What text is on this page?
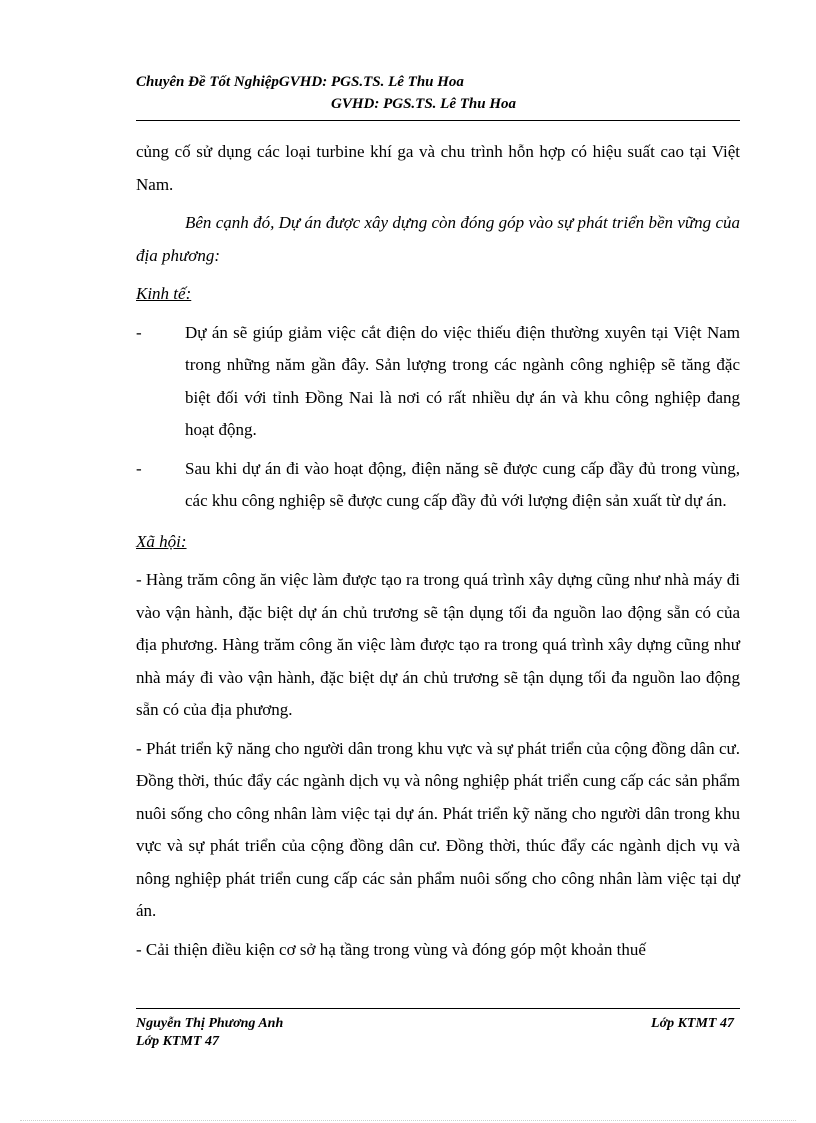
Chuyên Đề Tốt NghiệpGVHD: PGS.TS. Lê Thu Hoa
GVHD: PGS.TS. Lê Thu Hoa

củng cố sử dụng các loại turbine khí ga và chu trình hỗn hợp có hiệu suất cao tại Việt Nam.

Bên cạnh đó, Dự án được xây dựng còn đóng góp vào sự phát triển bền vững của địa phương:

Kinh tế:

-	Dự án sẽ giúp giảm việc cắt điện do việc thiếu điện thường xuyên tại Việt Nam trong những năm gần đây. Sản lượng trong các ngành công nghiệp sẽ tăng đặc biệt đối với tỉnh Đồng Nai là nơi có rất nhiều dự án và khu công nghiệp đang hoạt động.
-	Sau khi dự án đi vào hoạt động, điện năng sẽ được cung cấp đầy đủ trong vùng, các khu công nghiệp sẽ được cung cấp đầy đủ với lượng điện sản xuất từ dự án.

Xã hội:

- Hàng trăm công ăn việc làm được tạo ra trong quá trình xây dựng cũng như nhà máy đi vào vận hành, đặc biệt dự án chủ trương sẽ tận dụng tối đa nguồn lao động sẵn có của địa phương. Hàng trăm công ăn việc làm được tạo ra trong quá trình xây dựng cũng như nhà máy đi vào vận hành, đặc biệt dự án chủ trương sẽ tận dụng tối đa nguồn lao động sẵn có của địa phương.

- Phát triển kỹ năng cho người dân trong khu vực và sự phát triển của cộng đồng dân cư. Đồng thời, thúc đẩy các ngành dịch vụ và nông nghiệp phát triển cung cấp các sản phẩm nuôi sống cho công nhân làm việc tại dự án. Phát triển kỹ năng cho người dân trong khu vực và sự phát triển của cộng đồng dân cư. Đồng thời, thúc đẩy các ngành dịch vụ và nông nghiệp phát triển cung cấp các sản phẩm nuôi sống cho công nhân làm việc tại dự án.

- Cải thiện điều kiện cơ sở hạ tầng trong vùng và đóng góp một khoản thuế

Nguyễn Thị Phương Anh
Lớp KTMT 47
Lớp KTMT 47
